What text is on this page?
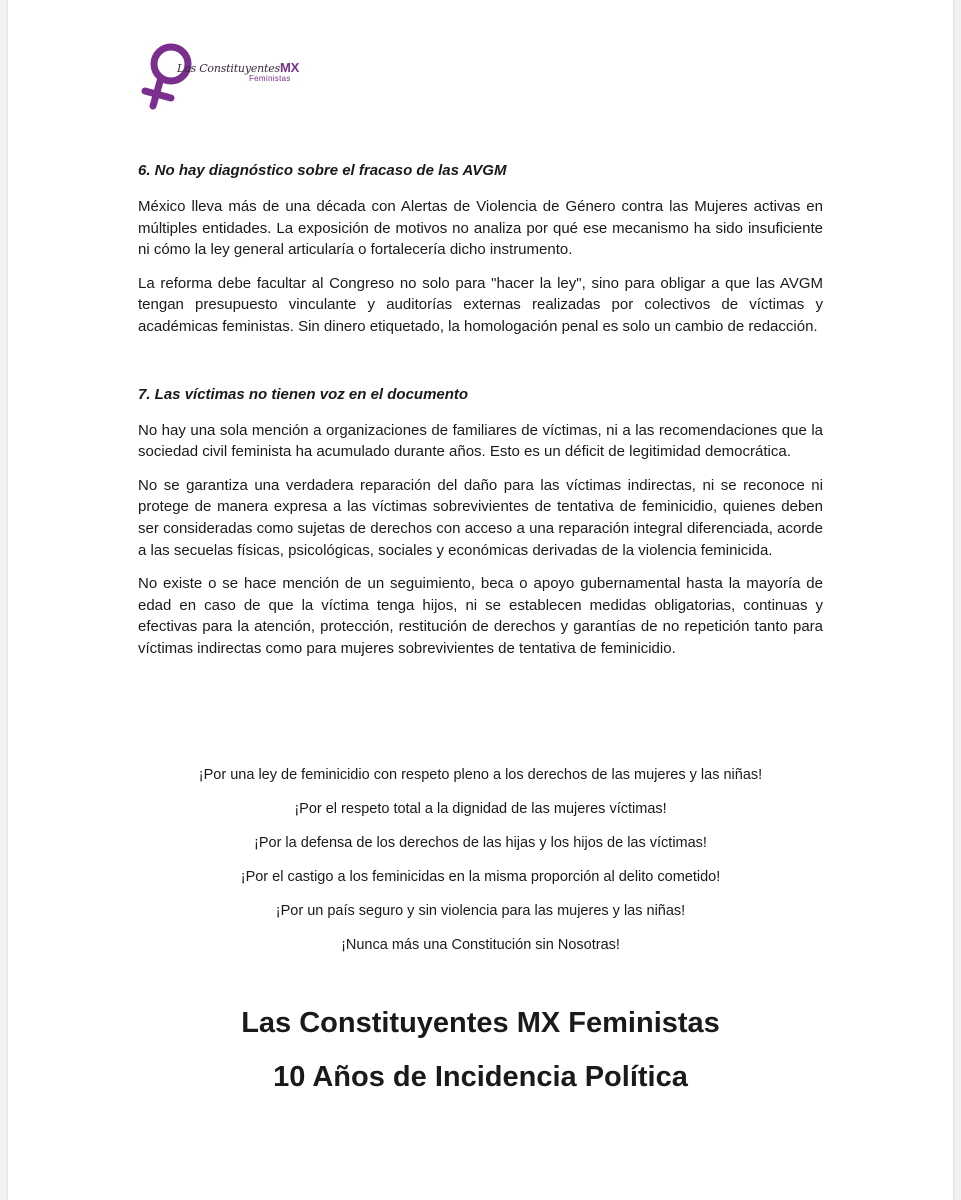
Las ConstituyentesMX
Feministas
6. No hay diagnóstico sobre el fracaso de las AVGM

México lleva más de una década con Alertas de Violencia de Género contra las Mujeres activas en múltiples entidades. La exposición de motivos no analiza por qué ese mecanismo ha sido insuficiente ni cómo la ley general articularía o fortalecería dicho instrumento.

La reforma debe facultar al Congreso no solo para "hacer la ley", sino para obligar a que las AVGM tengan presupuesto vinculante y auditorías externas realizadas por colectivos de víctimas y académicas feministas. Sin dinero etiquetado, la homologación penal es solo un cambio de redacción.

7. Las víctimas no tienen voz en el documento

No hay una sola mención a organizaciones de familiares de víctimas, ni a las recomendaciones que la sociedad civil feminista ha acumulado durante años. Esto es un déficit de legitimidad democrática.

No se garantiza una verdadera reparación del daño para las víctimas indirectas, ni se reconoce ni protege de manera expresa a las víctimas sobrevivientes de tentativa de feminicidio, quienes deben ser consideradas como sujetas de derechos con acceso a una reparación integral diferenciada, acorde a las secuelas físicas, psicológicas, sociales y económicas derivadas de la violencia feminicida.

No existe o se hace mención de un seguimiento, beca o apoyo gubernamental hasta la mayoría de edad en caso de que la víctima tenga hijos, ni se establecen medidas obligatorias, continuas y efectivas para la atención, protección, restitución de derechos y garantías de no repetición tanto para víctimas indirectas como para mujeres sobrevivientes de tentativa de feminicidio.

¡Por una ley de feminicidio con respeto pleno a los derechos de las mujeres y las niñas!
¡Por el respeto total a la dignidad de las mujeres víctimas!
¡Por la defensa de los derechos de las hijas y los hijos de las víctimas!
¡Por el castigo a los feminicidas en la misma proporción al delito cometido!
¡Por un país seguro y sin violencia para las mujeres y las niñas!
¡Nunca más una Constitución sin Nosotras!
Las Constituyentes MX Feministas
10 Años de Incidencia Política
